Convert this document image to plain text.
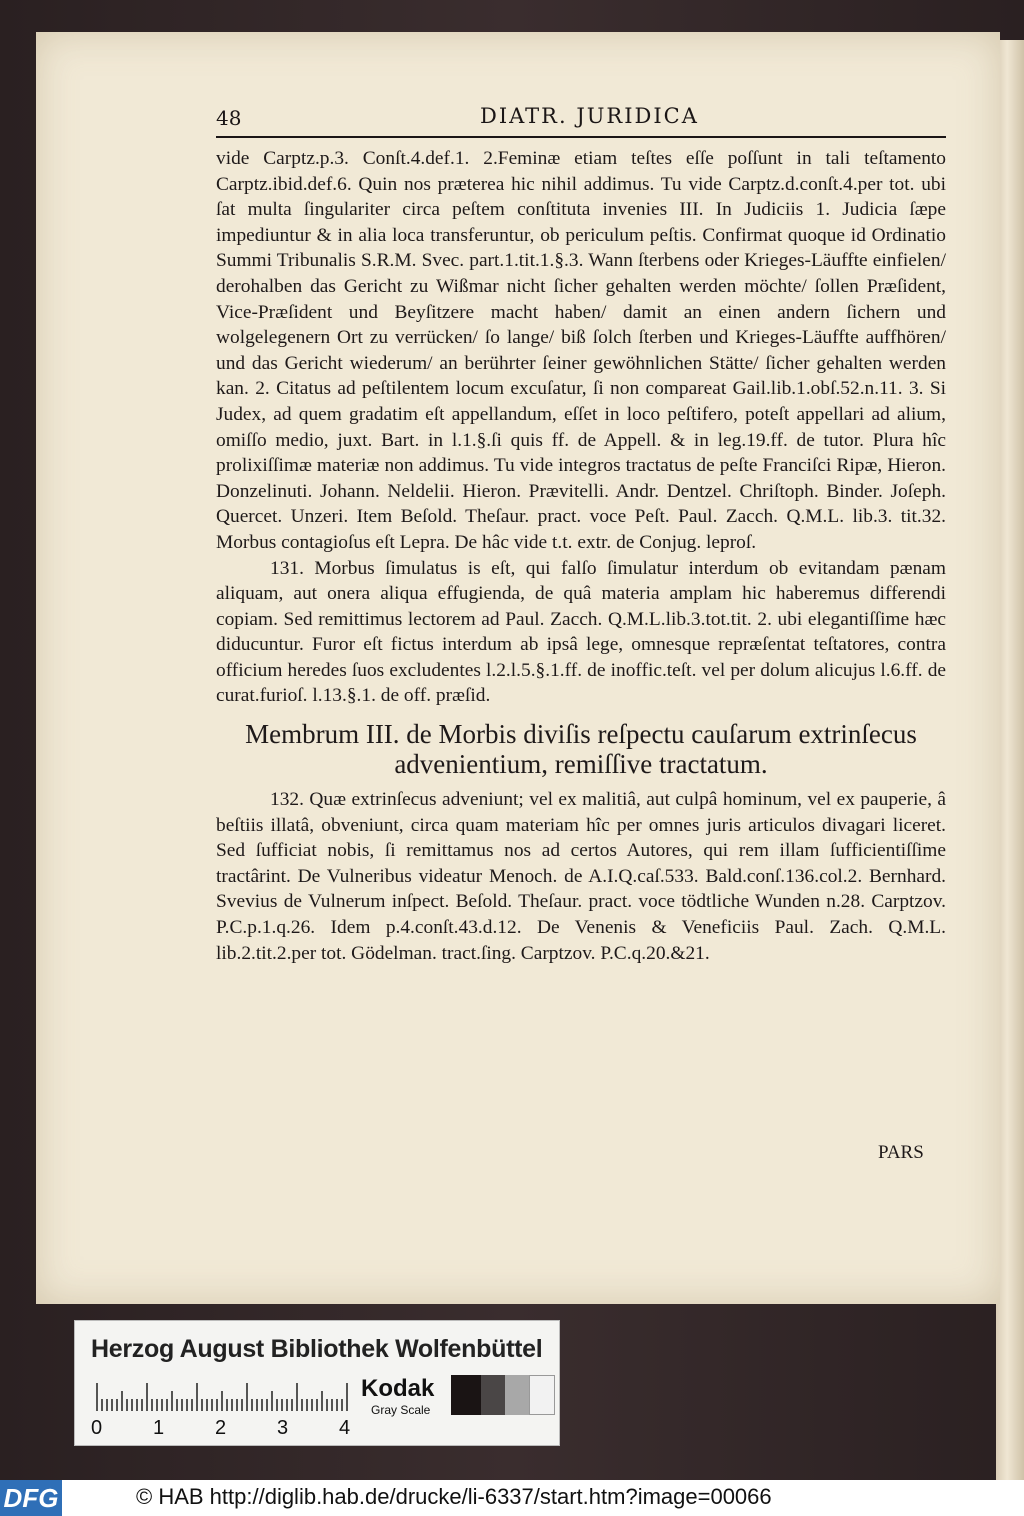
48	DIATR. JURIDICA

vide Carptz.p.3. Conſt.4.def.1. 2.Feminæ etiam teſtes eſſe poſſunt in tali teſtamento Carptz.ibid.def.6. Quin nos præterea hic nihil addimus. Tu vide Carptz.d.conſt.4.per tot. ubi ſat multa ſingulariter circa peſtem conſtituta invenies III. In Judiciis 1. Judicia ſæpe impediuntur & in alia loca transferuntur, ob periculum peſtis. Confirmat quoque id Ordinatio Summi Tribunalis S.R.M. Svec. part.1.tit.1.§.3. Wann ſterbens oder Krieges-Läuffte einfielen/ derohalben das Gericht zu Wißmar nicht ſicher gehalten werden möchte/ ſollen Præſident, Vice-Præſident und Beyſitzere macht haben/ damit an einen andern ſichern und wolgelegenern Ort zu verrücken/ ſo lange/ biß ſolch ſterben und Krieges-Läuffte auffhören/ und das Gericht wiederum/ an berührter ſeiner gewöhnlichen Stätte/ ſicher gehalten werden kan. 2. Citatus ad peſtilentem locum excuſatur, ſi non compareat Gail.lib.1.obſ.52.n.11. 3. Si Judex, ad quem gradatim eſt appellandum, eſſet in loco peſtifero, poteſt appellari ad alium, omiſſo medio, juxt. Bart. in l.1.§.ſi quis ff. de Appell. & in leg.19.ff. de tutor. Plura hîc prolixiſſimæ materiæ non addimus. Tu vide integros tractatus de peſte Franciſci Ripæ, Hieron. Donzelinuti. Johann. Neldelii. Hieron. Prævitelli. Andr. Dentzel. Chriſtoph. Binder. Joſeph. Quercet. Unzeri. Item Beſold. Theſaur. pract. voce Peſt. Paul. Zacch. Q.M.L. lib.3. tit.32. Morbus contagioſus eſt Lepra. De hâc vide t.t. extr. de Conjug. leproſ.

131. Morbus ſimulatus is eſt, qui falſo ſimulatur interdum ob evitandam pænam aliquam, aut onera aliqua effugienda, de quâ materia amplam hic haberemus differendi copiam. Sed remittimus lectorem ad Paul. Zacch. Q.M.L.lib.3.tot.tit. 2. ubi elegantiſſime hæc diducuntur. Furor eſt fictus interdum ab ipsâ lege, omnesque repræſentat teſtatores, contra officium heredes ſuos excludentes l.2.l.5.§.1.ff. de inoffic.teſt. vel per dolum alicujus l.6.ff. de curat.furioſ. l.13.§.1. de off. præſid.

Membrum III. de Morbis diviſis reſpectu cauſarum extrinſecus advenientium, remiſſive tractatum.

132. Quæ extrinſecus adveniunt; vel ex malitiâ, aut culpâ hominum, vel ex pauperie, â beſtiis illatâ, obveniunt, circa quam materiam hîc per omnes juris articulos divagari liceret. Sed ſufficiat nobis, ſi remittamus nos ad certos Autores, qui rem illam ſufficientiſſime tractârint. De Vulneribus videatur Menoch. de A.I.Q.caſ.533. Bald.conſ.136.col.2. Bernhard. Svevius de Vulnerum inſpect. Beſold. Theſaur. pract. voce tödtliche Wunden n.28. Carptzov. P.C.p.1.q.26. Idem p.4.conſt.43.d.12. De Venenis & Veneficiis Paul. Zach. Q.M.L. lib.2.tit.2.per tot. Gödelman. tract.ſing. Carptzov. P.C.q.20.&21.

PARS
Herzog August Bibliothek Wolfenbüttel
0	1	2	3	4
Kodak
Gray Scale
DFG	© HAB http://diglib.hab.de/drucke/li-6337/start.htm?image=00066
